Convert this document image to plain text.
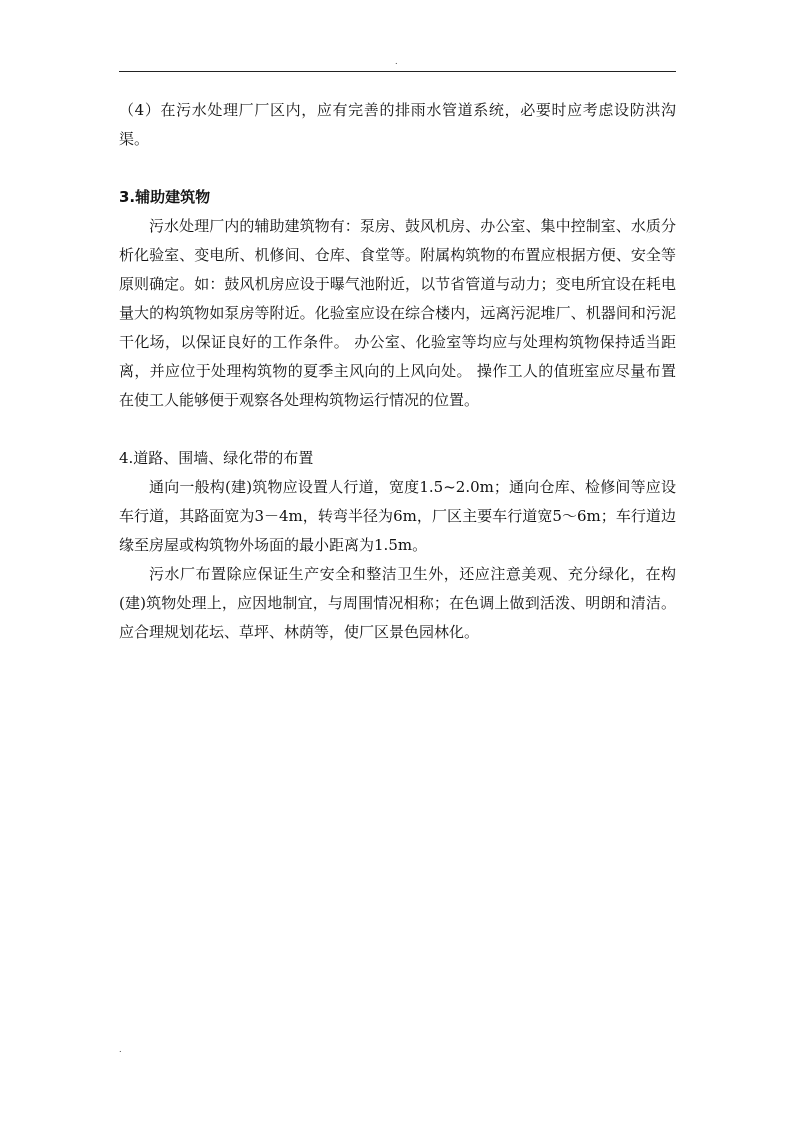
.

（4）在污水处理厂厂区内，应有完善的排雨水管道系统，必要时应考虑设防洪沟渠。

3.辅助建筑物

污水处理厂内的辅助建筑物有：泵房、鼓风机房、办公室、集中控制室、水质分析化验室、变电所、机修间、仓库、食堂等。附属构筑物的布置应根据方便、安全等原则确定。如：鼓风机房应设于曝气池附近，以节省管道与动力；变电所宜设在耗电量大的构筑物如泵房等附近。化验室应设在综合楼内，远离污泥堆厂、机器间和污泥干化场，以保证良好的工作条件。 办公室、化验室等均应与处理构筑物保持适当距离，并应位于处理构筑物的夏季主风向的上风向处。 操作工人的值班室应尽量布置在使工人能够便于观察各处理构筑物运行情况的位置。

4.道路、围墙、绿化带的布置

通向一般构(建)筑物应设置人行道，宽度1.5~2.0m；通向仓库、检修间等应设车行道，其路面宽为3－4m，转弯半径为6m，厂区主要车行道宽5～6m；车行道边缘至房屋或构筑物外场面的最小距离为1.5m。

污水厂布置除应保证生产安全和整洁卫生外，还应注意美观、充分绿化，在构(建)筑物处理上，应因地制宜，与周围情况相称；在色调上做到活泼、明朗和清洁。应合理规划花坛、草坪、林荫等，使厂区景色园林化。

.
